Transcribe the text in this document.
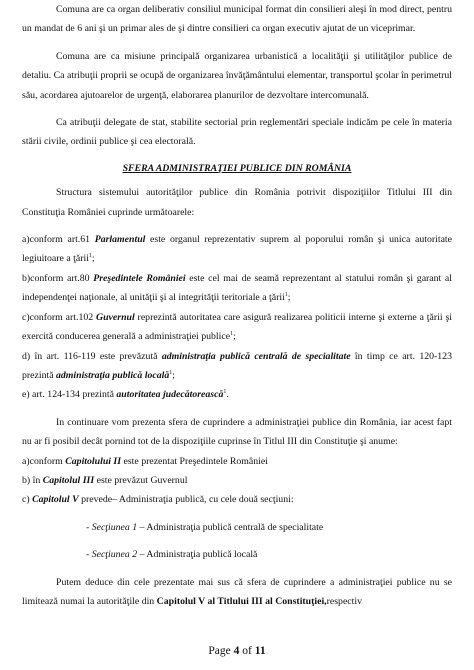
Comuna are ca organ deliberativ consiliul municipal format din consilieri aleşi în mod direct, pentru un mandat de 6 ani şi un primar ales de şi dintre consilieri ca organ executiv ajutat de un viceprimar.

Comuna are ca misiune principală organizarea urbanistică a localităţii şi utilităţilor publice de detaliu. Ca atribuţii proprii se ocupă de organizarea învăţământului elementar, transportul şcolar în perimetrul său, acordarea ajutoarelor de urgenţă, elaborarea planurilor de dezvoltare intercomunală.

Ca atribuţii delegate de stat, stabilite sectorial prin reglementări speciale indicăm pe cele în materia stării civile, ordinii publice şi cea electorală.

SFERA ADMINISTRAŢIEI PUBLICE DIN ROMÂNIA

Structura sistemului autorităţilor publice din România potrivit dispoziţiilor Titlului III din Constituţia României cuprinde următoarele:

a)conform art.61 Parlamentul este organul reprezentativ suprem al poporului român şi unica autoritate legiuitoare a ţării$^1$;

b)conform art.80 Preşedintele României este cel mai de seamă reprezentant al statului român şi garant al independenţei naţionale, al unităţii şi al integrităţii teritoriale a ţării$^1$;

c)conform art.102 Guvernul reprezintă autoritatea care asigură realizarea politicii interne şi externe a ţării şi exercită conducerea generală a administraţiei publice$^1$;

d) în art. 116-119 este prevăzută administraţia publică centrală de specialitate în timp ce art. 120-123 prezintă administraţia publică locală$^1$;

e) art. 124-134 prezintă autoritatea judecătorească$^1$.

In continuare vom prezenta sfera de cuprindere a administraţiei publice din România, iar acest fapt nu ar fi posibil decât pornind tot de la dispoziţiile cuprinse în Titlul III din Constituţie şi anume:

a)conform Capitolului II este prezentat Preşedintele României

b) în Capitolul III este prevăzut Guvernul

c) Capitolul V prevede– Administraţia publică, cu cele două secţiuni:

- Secţiunea 1 – Administraţia publică centrală de specialitate

- Secţiunea 2 – Administraţia publică locală

Putem deduce din cele prezentate mai sus că sfera de cuprindere a administraţiei publice nu se limitează numai la autorităţile din Capitolul V al Titlului III al Constituţiei,respectiv

Page 4 of 11
